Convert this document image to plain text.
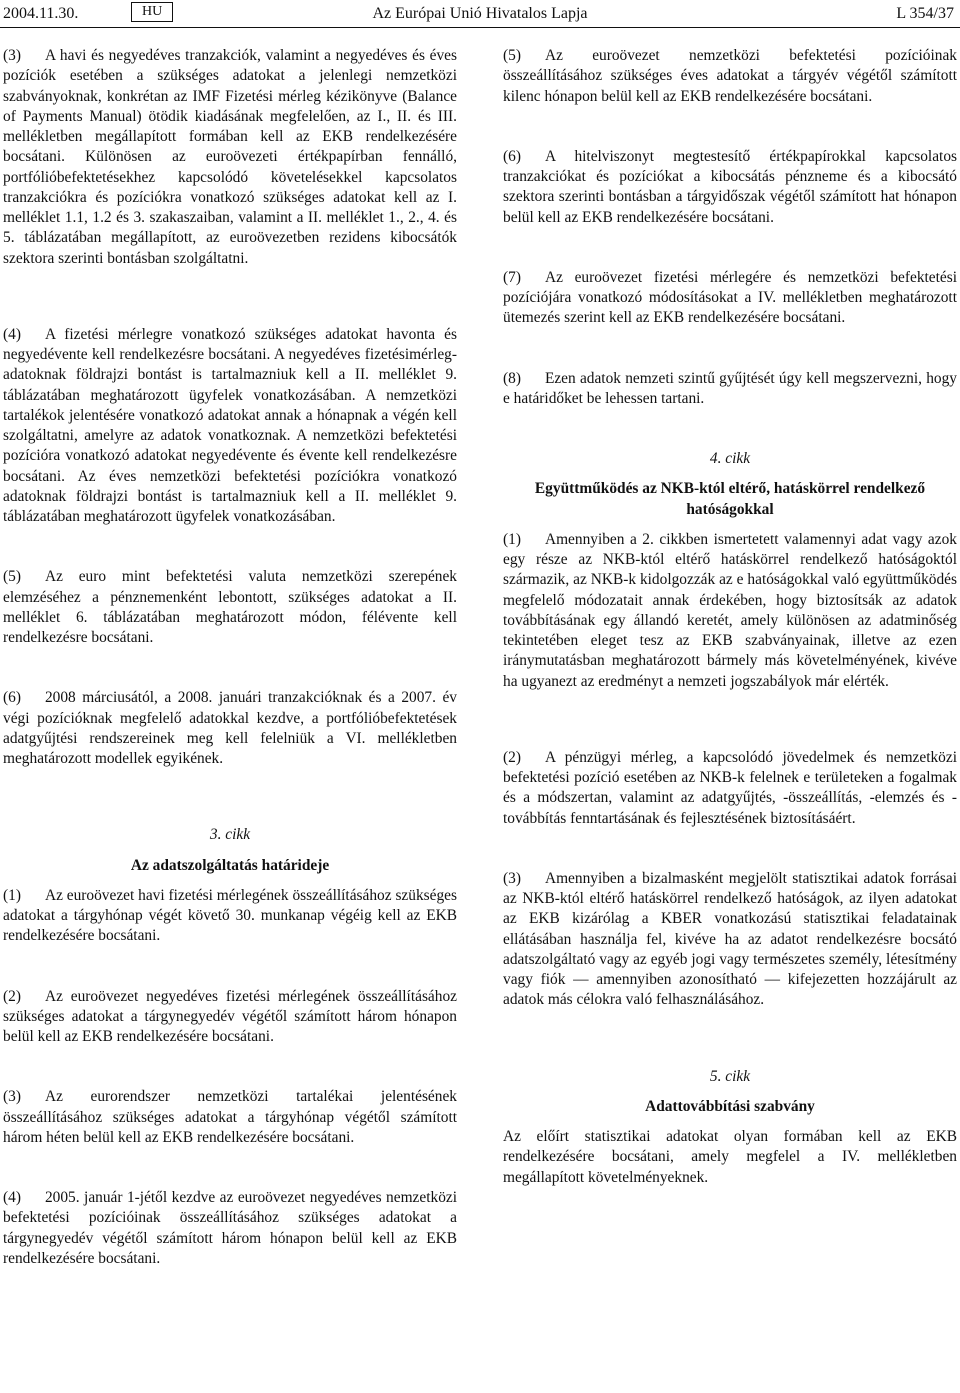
2004.11.30.	HU	Az Európai Unió Hivatalos Lapja	L 354/37

(3) A havi és negyedéves tranzakciók, valamint a negyedéves és éves pozíciók esetében a szükséges adatokat a jelenlegi nemzetközi szabványoknak, konkrétan az IMF Fizetési mérleg kézikönyve (Balance of Payments Manual) ötödik kiadásának megfelelően, az I., II. és III. mellékletben megállapított formában kell az EKB rendelkezésére bocsátani. Különösen az euroövezeti értékpapírban fennálló, portfólióbefektetésekhez kapcsolódó követelésekkel kapcsolatos tranzakciókra és pozíciókra vonatkozó szükséges adatokat kell az I. melléklet 1.1, 1.2 és 3. szakaszaiban, valamint a II. melléklet 1., 2., 4. és 5. táblázatában megállapított, az euroövezetben rezidens kibocsátók szektora szerinti bontásban szolgáltatni.

(4) A fizetési mérlegre vonatkozó szükséges adatokat havonta és negyedévente kell rendelkezésre bocsátani. A negyedéves fizetésimérleg-adatoknak földrajzi bontást is tartalmazniuk kell a II. melléklet 9. táblázatában meghatározott ügyfelek vonatkozásában. A nemzetközi tartalékok jelentésére vonatkozó adatokat annak a hónapnak a végén kell szolgáltatni, amelyre az adatok vonatkoznak. A nemzetközi befektetési pozícióra vonatkozó adatokat negyedévente és évente kell rendelkezésre bocsátani. Az éves nemzetközi befektetési pozíciókra vonatkozó adatoknak földrajzi bontást is tartalmazniuk kell a II. melléklet 9. táblázatában meghatározott ügyfelek vonatkozásában.

(5) Az euro mint befektetési valuta nemzetközi szerepének elemzéséhez a pénznemenként lebontott, szükséges adatokat a II. melléklet 6. táblázatában meghatározott módon, félévente kell rendelkezésre bocsátani.

(6) 2008 márciusától, a 2008. januári tranzakcióknak és a 2007. év végi pozícióknak megfelelő adatokkal kezdve, a portfólióbefektetések adatgyűjtési rendszereinek meg kell felelniük a VI. mellékletben meghatározott modellek egyikének.

3. cikk

Az adatszolgáltatás határideje

(1) Az euroövezet havi fizetési mérlegének összeállításához szükséges adatokat a tárgyhónap végét követő 30. munkanap végéig kell az EKB rendelkezésére bocsátani.

(2) Az euroövezet negyedéves fizetési mérlegének összeállításához szükséges adatokat a tárgynegyedév végétől számított három hónapon belül kell az EKB rendelkezésére bocsátani.

(3) Az eurorendszer nemzetközi tartalékai jelentésének összeállításához szükséges adatokat a tárgyhónap végétől számított három héten belül kell az EKB rendelkezésére bocsátani.

(4) 2005. január 1-jétől kezdve az euroövezet negyedéves nemzetközi befektetési pozícióinak összeállításához szükséges adatokat a tárgynegyedév végétől számított három hónapon belül kell az EKB rendelkezésére bocsátani.

(5) Az euroövezet nemzetközi befektetési pozícióinak összeállításához szükséges éves adatokat a tárgyév végétől számított kilenc hónapon belül kell az EKB rendelkezésére bocsátani.

(6) A hitelviszonyt megtestesítő értékpapírokkal kapcsolatos tranzakciókat és pozíciókat a kibocsátás pénzneme és a kibocsátó szektora szerinti bontásban a tárgyidőszak végétől számított hat hónapon belül kell az EKB rendelkezésére bocsátani.

(7) Az euroövezet fizetési mérlegére és nemzetközi befektetési pozíciójára vonatkozó módosításokat a IV. mellékletben meghatározott ütemezés szerint kell az EKB rendelkezésére bocsátani.

(8) Ezen adatok nemzeti szintű gyűjtését úgy kell megszervezni, hogy e határidőket be lehessen tartani.

4. cikk

Együttműködés az NKB-któl eltérő, hatáskörrel rendelkező hatóságokkal

(1) Amennyiben a 2. cikkben ismertetett valamennyi adat vagy azok egy része az NKB-któl eltérő hatáskörrel rendelkező hatóságoktól származik, az NKB-k kidolgozzák az e hatóságokkal való együttműködés megfelelő módozatait annak érdekében, hogy biztosítsák az adatok továbbításának egy állandó keretét, amely különösen az adatminőség tekintetében eleget tesz az EKB szabványainak, illetve az ezen iránymutatásban meghatározott bármely más követelményének, kivéve ha ugyanezt az eredményt a nemzeti jogszabályok már elérték.

(2) A pénzügyi mérleg, a kapcsolódó jövedelmek és nemzetközi befektetési pozíció esetében az NKB-k felelnek e területeken a fogalmak és a módszertan, valamint az adatgyűjtés, -összeállítás, -elemzés és -továbbítás fenntartásának és fejlesztésének biztosításáért.

(3) Amennyiben a bizalmasként megjelölt statisztikai adatok forrásai az NKB-któl eltérő hatáskörrel rendelkező hatóságok, az ilyen adatokat az EKB kizárólag a KBER vonatkozású statisztikai feladatainak ellátásában használja fel, kivéve ha az adatot rendelkezésre bocsátó adatszolgáltató vagy az egyéb jogi vagy természetes személy, létesítmény vagy fiók — amennyiben azonosítható — kifejezetten hozzájárult az adatok más célokra való felhasználásához.

5. cikk

Adattovábbítási szabvány

Az előírt statisztikai adatokat olyan formában kell az EKB rendelkezésére bocsátani, amely megfelel a IV. mellékletben megállapított követelményeknek.
